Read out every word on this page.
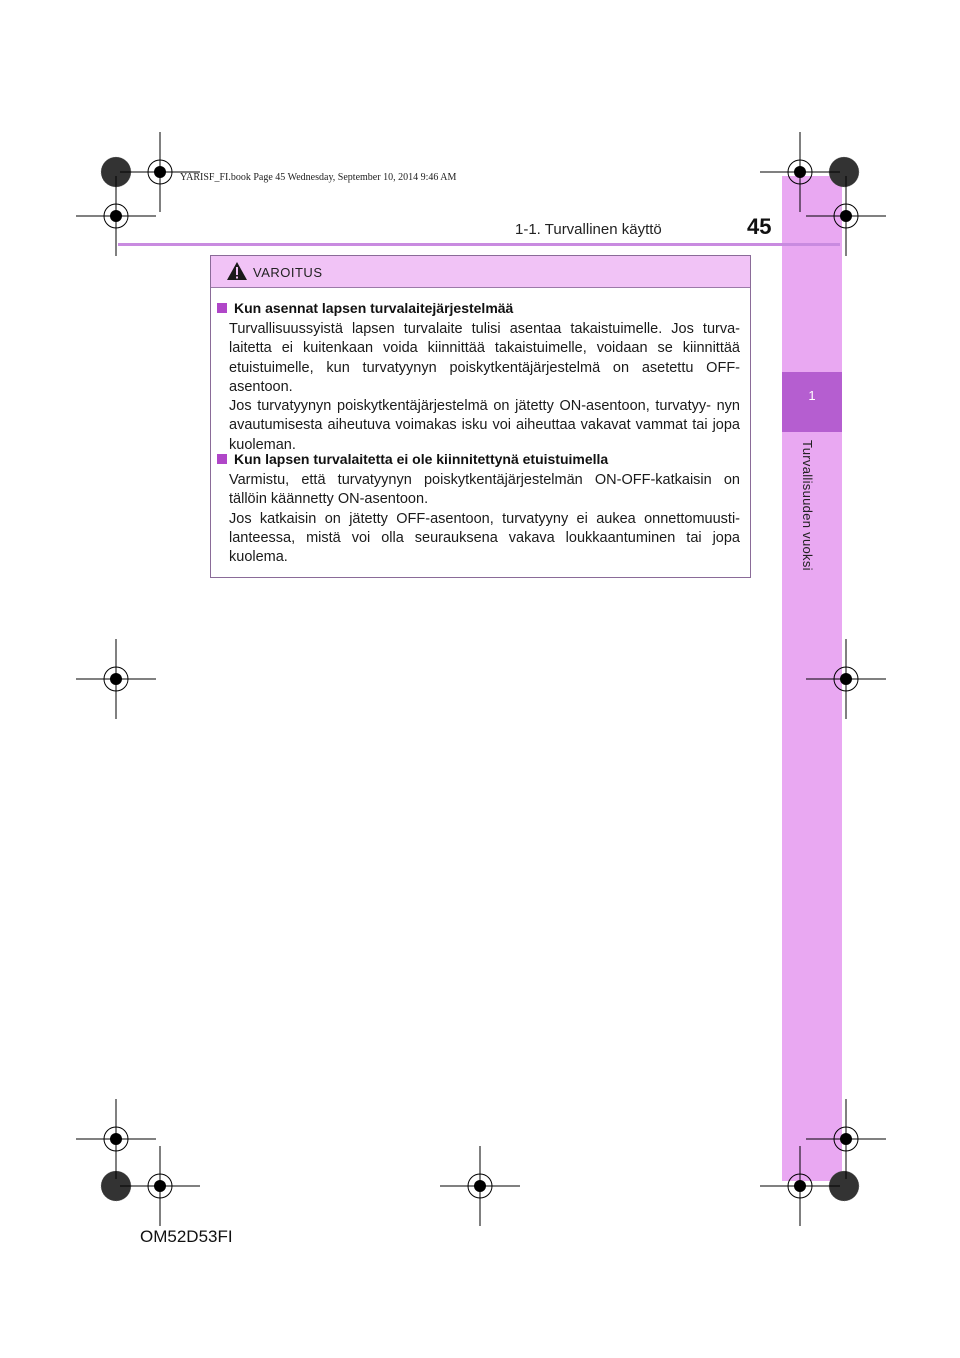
1
Turvallisuuden vuoksi
YARISF_FI.book Page 45 Wednesday, September 10, 2014 9:46 AM
1-1. Turvallinen käyttö	45
VAROITUS
Kun asennat lapsen turvalaitejärjestelmää

Turvallisuussyistä lapsen turvalaite tulisi asentaa takaistuimelle. Jos turva- laitetta ei kuitenkaan voida kiinnittää takaistuimelle, voidaan se kiinnittää etuistuimelle, kun turvatyynyn poiskytkentäjärjestelmä on asetettu OFF- asentoon.

Jos turvatyynyn poiskytkentäjärjestelmä on jätetty ON-asentoon, turvatyy- nyn avautumisesta aiheutuva voimakas isku voi aiheuttaa vakavat vammat tai jopa kuoleman.

Kun lapsen turvalaitetta ei ole kiinnitettynä etuistuimella

Varmistu, että turvatyynyn poiskytkentäjärjestelmän ON-OFF-katkaisin on tällöin käännetty ON-asentoon.

Jos katkaisin on jätetty OFF-asentoon, turvatyyny ei aukea onnettomuusti- lanteessa, mistä voi olla seurauksena vakava loukkaantuminen tai jopa kuolema.

OM52D53FI
